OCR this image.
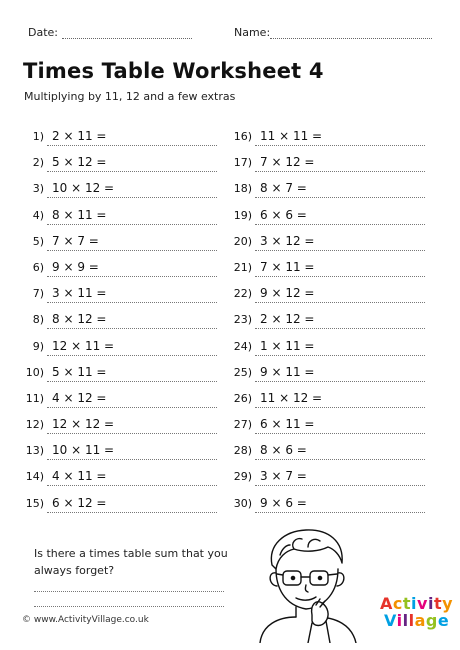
Date:	Name:
Times Table Worksheet 4
Multiplying by 11, 12 and a few extras
1) 2 × 11 =
2) 5 × 12 =
3) 10 × 12 =
4) 8 × 11 =
5) 7 × 7 =
6) 9 × 9 =
7) 3 × 11 =
8) 8 × 12 =
9) 12 × 11 =
10) 5 × 11 =
11) 4 × 12 =
12) 12 × 12 =
13) 10 × 11 =
14) 4 × 11 =
15) 6 × 12 =
16) 11 × 11 =
17) 7 × 12 =
18) 8 × 7 =
19) 6 × 6 =
20) 3 × 12 =
21) 7 × 11 =
22) 9 × 12 =
23) 2 × 12 =
24) 1 × 11 =
25) 9 × 11 =
26) 11 × 12 =
27) 6 × 11 =
28) 8 × 6 =
29) 3 × 7 =
30) 9 × 6 =
Is there a times table sum that you
always forget?
© www.ActivityVillage.co.uk
Activity
Village
